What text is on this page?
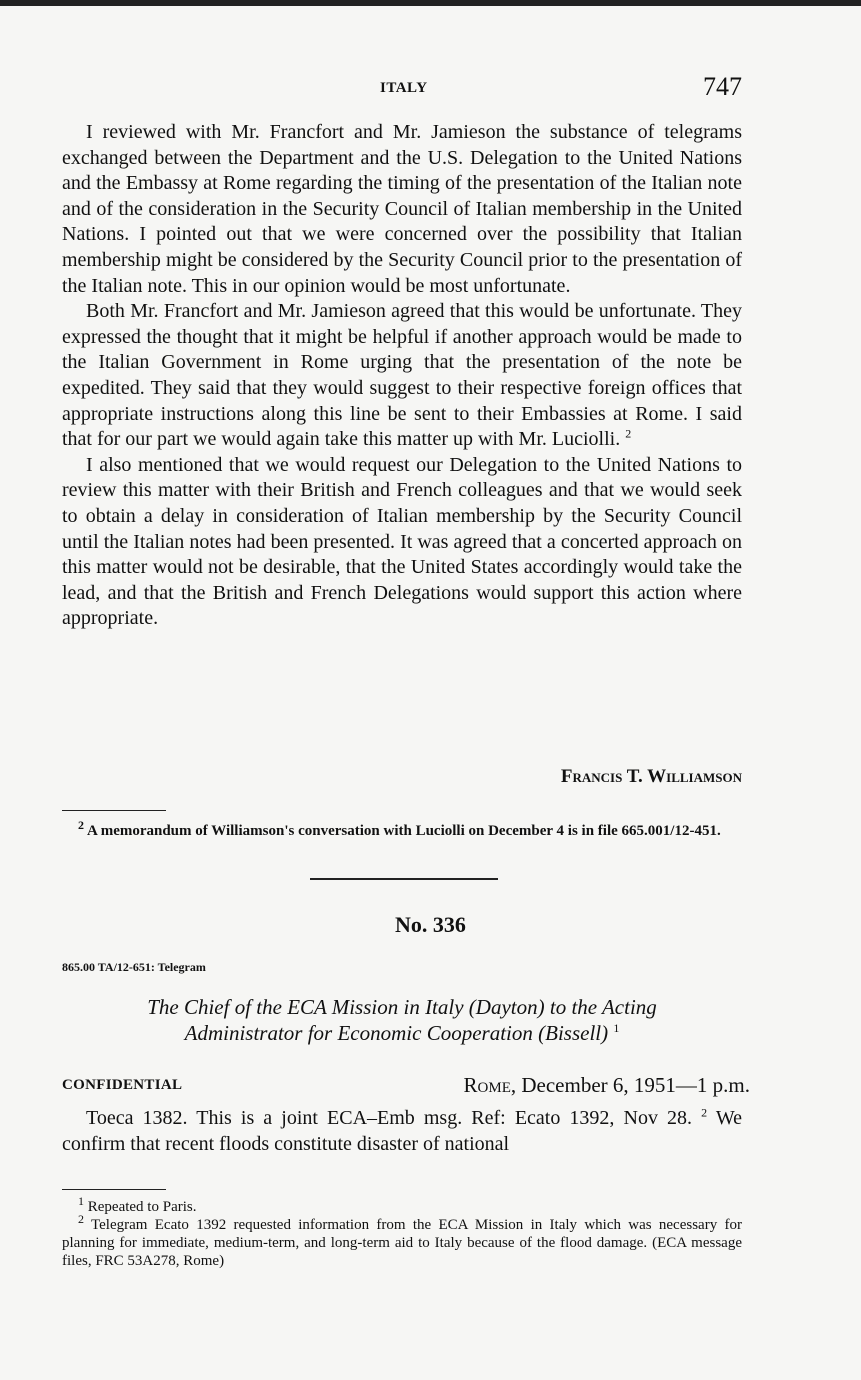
ITALY	747

I reviewed with Mr. Francfort and Mr. Jamieson the substance of telegrams exchanged between the Department and the U.S. Delegation to the United Nations and the Embassy at Rome regarding the timing of the presentation of the Italian note and of the consideration in the Security Council of Italian membership in the United Nations. I pointed out that we were concerned over the possibility that Italian membership might be considered by the Security Council prior to the presentation of the Italian note. This in our opinion would be most unfortunate.

Both Mr. Francfort and Mr. Jamieson agreed that this would be unfortunate. They expressed the thought that it might be helpful if another approach would be made to the Italian Government in Rome urging that the presentation of the note be expedited. They said that they would suggest to their respective foreign offices that appropriate instructions along this line be sent to their Embassies at Rome. I said that for our part we would again take this matter up with Mr. Luciolli. $^2$

I also mentioned that we would request our Delegation to the United Nations to review this matter with their British and French colleagues and that we would seek to obtain a delay in consideration of Italian membership by the Security Council until the Italian notes had been presented. It was agreed that a concerted approach on this matter would not be desirable, that the United States accordingly would take the lead, and that the British and French Delegations would support this action where appropriate.

Francis T. Williamson

$^2$ A memorandum of Williamson's conversation with Luciolli on December 4 is in file 665.001/12-451.

No. 336
865.00 TA/12-651: Telegram
The Chief of the ECA Mission in Italy (Dayton) to the Acting
Administrator for Economic Cooperation (Bissell) $^1$
CONFIDENTIAL	Rome, December 6, 1951—1 p.m.

Toeca 1382. This is a joint ECA–Emb msg. Ref: Ecato 1392, Nov 28. $^2$ We confirm that recent floods constitute disaster of national

$^1$ Repeated to Paris.

$^2$ Telegram Ecato 1392 requested information from the ECA Mission in Italy which was necessary for planning for immediate, medium-term, and long-term aid to Italy because of the flood damage. (ECA message files, FRC 53A278, Rome)
